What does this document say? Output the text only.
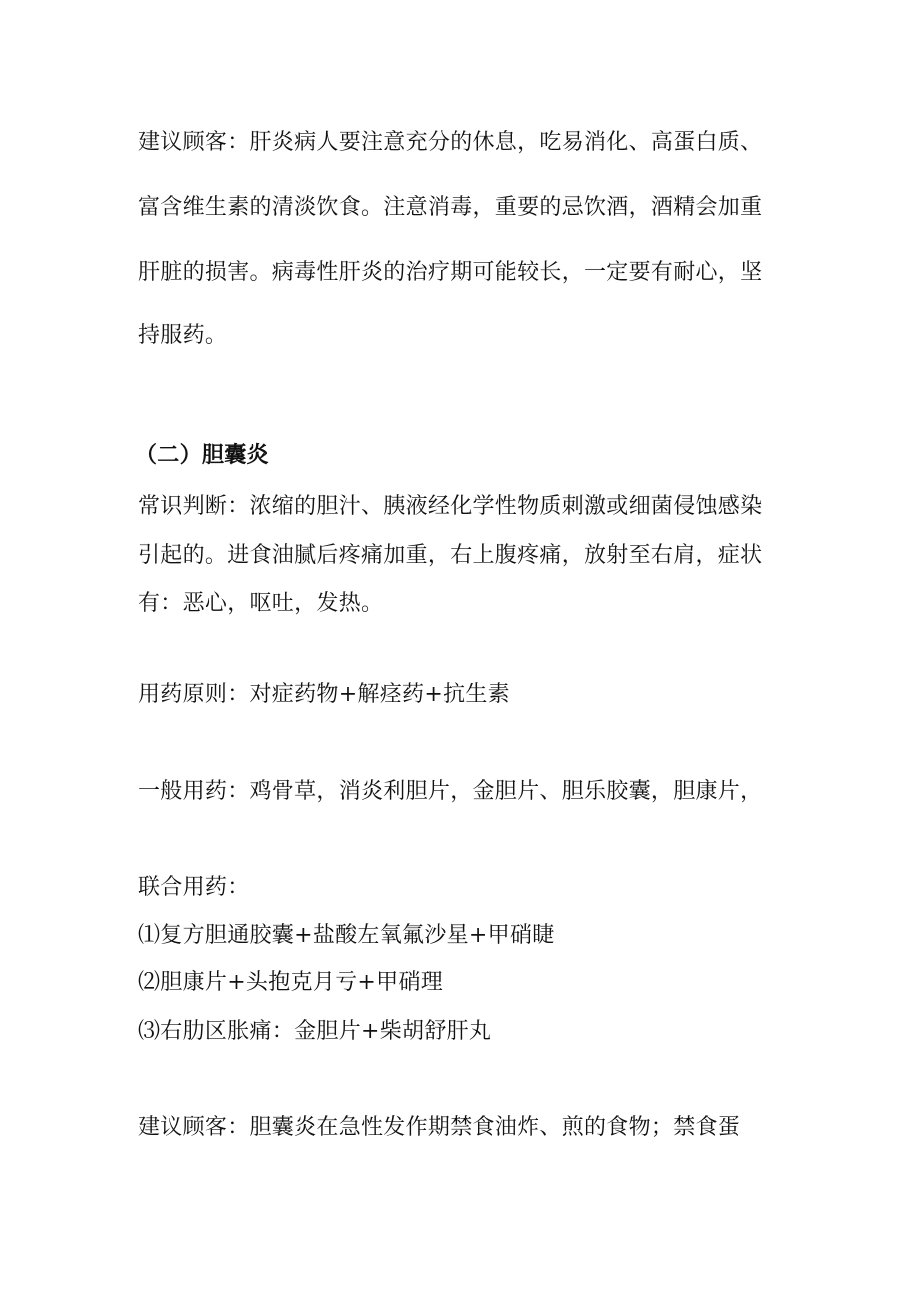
建议顾客：肝炎病人要注意充分的休息，吃易消化、高蛋白质、
富含维生素的清淡饮食。注意消毒，重要的忌饮酒，酒精会加重
肝脏的损害。病毒性肝炎的治疗期可能较长，一定要有耐心，坚
持服药。
（二）胆囊炎
常识判断：浓缩的胆汁、胰液经化学性物质刺激或细菌侵蚀感染
引起的。进食油腻后疼痛加重，右上腹疼痛，放射至右肩，症状
有：恶心，呕吐，发热。
用药原则：对症药物+解痉药+抗生素
一般用药：鸡骨草，消炎利胆片，金胆片、胆乐胶囊，胆康片，
联合用药：
⑴复方胆通胶囊+盐酸左氧氟沙星+甲硝睫
⑵胆康片+头抱克月亏+甲硝理
⑶右肋区胀痛：金胆片+柴胡舒肝丸
建议顾客：胆囊炎在急性发作期禁食油炸、煎的食物；禁食蛋
